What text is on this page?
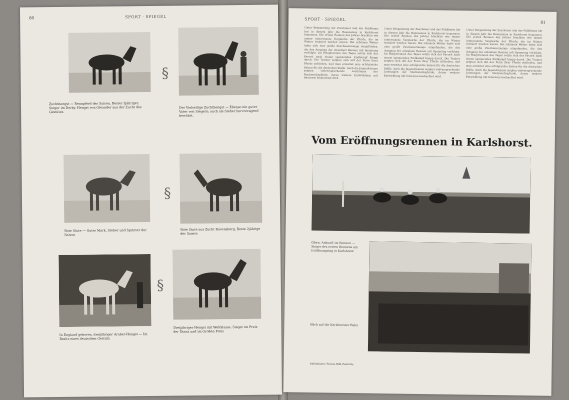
80	SPORT · SPIEGEL
Zuchthengst — Rennpferd der Saison, Bester 3jähriger, Sieger im Derby. Hengst von Oleander aus der Zucht des Gestütes.
Der Vielseitige Zuchthengst — Ebenso ein guter Vater von Siegern; auch als Steher hervorragend bewährt.
§
Rote Stute — Guter Mark, Steher und Sprinter der Saison
Rote Stute aus Zucht Ravensberg, Beste 2jährige der Saison
§
In England geboren, dreijähriger Araber-Hengst — Im Besitz eines deutschen Gestüts
Dreijähriger Hengst mit Weltklasse, Sieger im Preis der Diana und im Großen Preis
§
SPORT · SPIEGEL
81
Unter Bespannung der Zuschauer und des Publikums hat in diesem Jahr die Rennsaison in Karlshorst begonnen. Die ersten Rennen des Jahres brachten wie immer interessante Vergleiche der Pferde, die im Winter trainiert worden waren. Bei schönem Wetter hatte sich eine große Zuschauermenge eingefunden, die den Ausgang der einzelnen Rennen mit Spannung verfolgte. Im Hauptrennen des Tages setzte sich der Favorit nach einem spannenden Endkampf knapp durch. Die Trainer zeigten sich mit der Form ihrer Pferde zufrieden, und man erwartet eine erfolgreiche Saison für die deutschen Ställe. Auch die Jugendrennen zeigten vielversprechende Leistungen der Nachwuchspferde, deren weitere Entwicklung mit Interesse beobachtet wird.
Unter Bespannung der Zuschauer und des Publikums hat in diesem Jahr die Rennsaison in Karlshorst begonnen. Die ersten Rennen des Jahres brachten wie immer interessante Vergleiche der Pferde, die im Winter trainiert worden waren. Bei schönem Wetter hatte sich eine große Zuschauermenge eingefunden, die den Ausgang der einzelnen Rennen mit Spannung verfolgte. Im Hauptrennen des Tages setzte sich der Favorit nach einem spannenden Endkampf knapp durch. Die Trainer zeigten sich mit der Form ihrer Pferde zufrieden, und man erwartet eine erfolgreiche Saison für die deutschen Ställe. Auch die Jugendrennen zeigten vielversprechende Leistungen der Nachwuchspferde, deren weitere Entwicklung mit Interesse beobachtet wird.
Unter Bespannung der Zuschauer und des Publikums hat in diesem Jahr die Rennsaison in Karlshorst begonnen. Die ersten Rennen des Jahres brachten wie immer interessante Vergleiche der Pferde, die im Winter trainiert worden waren. Bei schönem Wetter hatte sich eine große Zuschauermenge eingefunden, die den Ausgang der einzelnen Rennen mit Spannung verfolgte. Im Hauptrennen des Tages setzte sich der Favorit nach einem spannenden Endkampf knapp durch. Die Trainer zeigten sich mit der Form ihrer Pferde zufrieden, und man erwartet eine erfolgreiche Saison für die deutschen Ställe. Auch die Jugendrennen zeigten vielversprechende Leistungen der Nachwuchspferde, deren weitere Entwicklung mit Interesse beobachtet wird.
Vom Eröffnungsrennen in Karlshorst.
Oben: Ankunft im Rennen — Sieger des ersten Rennens am Eröffnungstag in Karlshorst
Blick auf die Karlshorster Bahn
Aufnahmen: Presse-Bild-Zentrale
